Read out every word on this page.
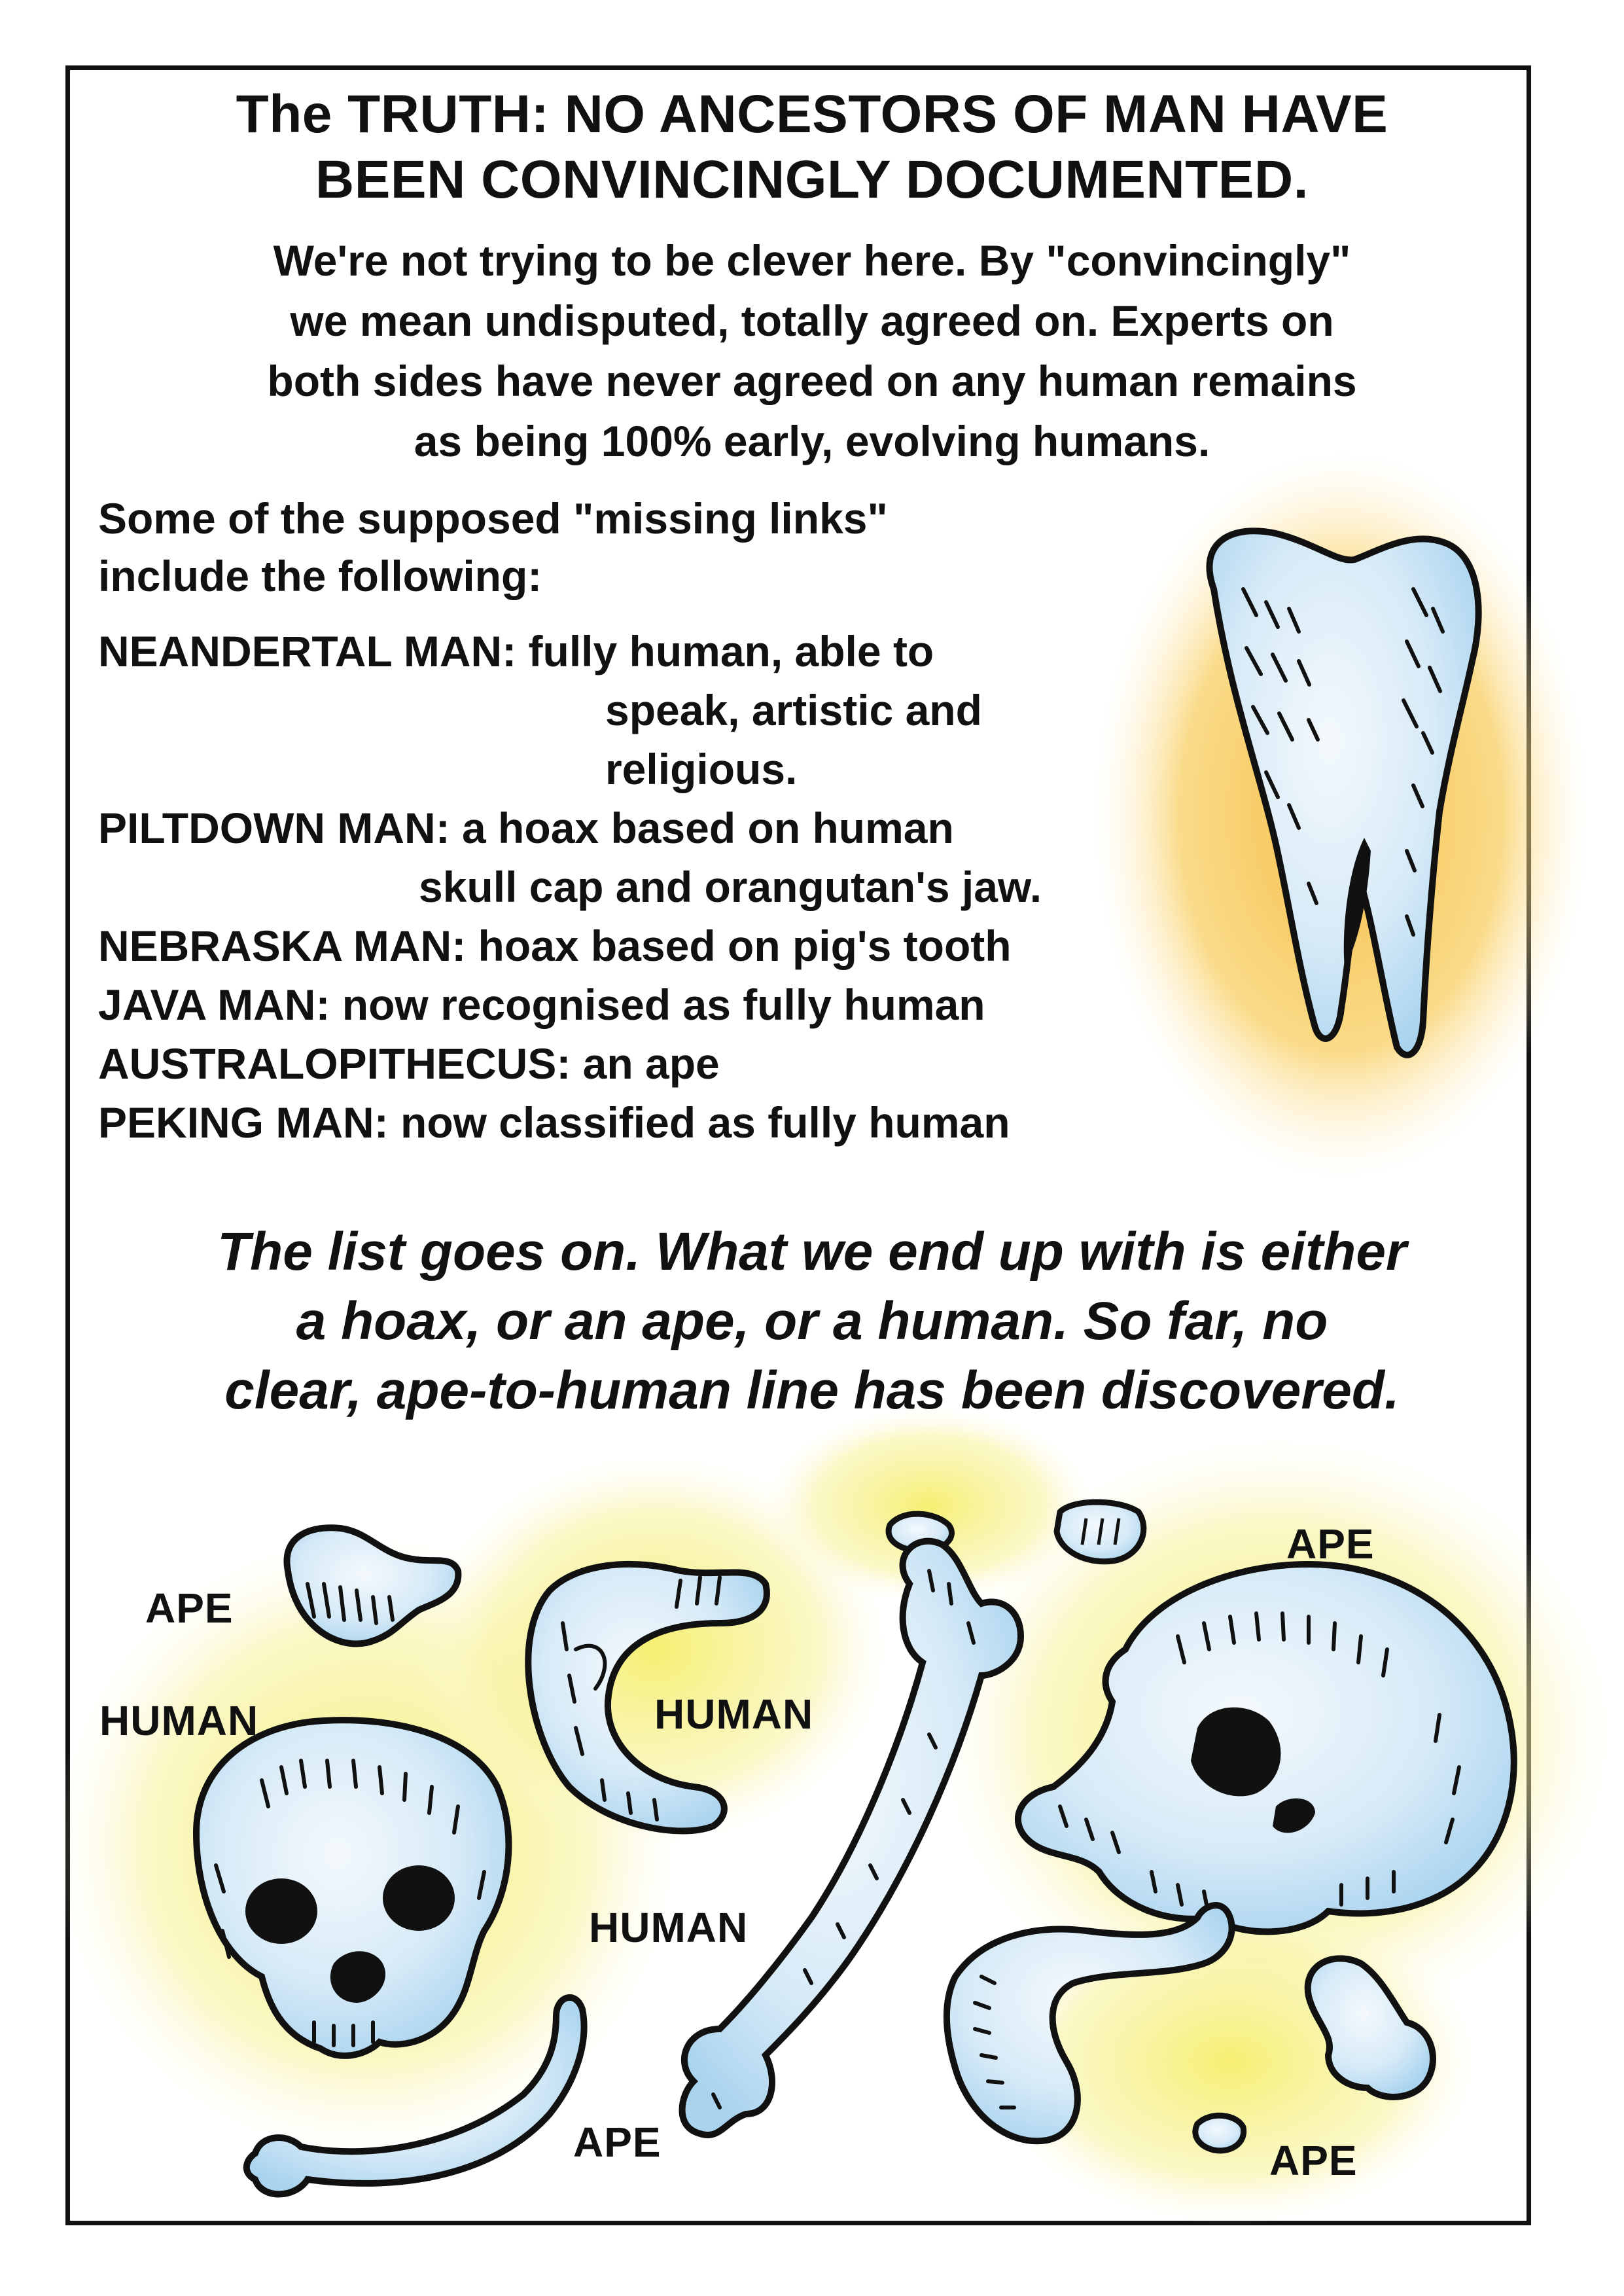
The TRUTH: NO ANCESTORS OF MAN HAVE
BEEN CONVINCINGLY DOCUMENTED.
We're not trying to be clever here. By "convincingly"
we mean undisputed, totally agreed on. Experts on
both sides have never agreed on any human remains
as being 100% early, evolving humans.
Some of the supposed "missing links"
include the following:
NEANDERTAL MAN: fully human, able to
speak, artistic and
religious.
PILTDOWN MAN: a hoax based on human
skull cap and orangutan's jaw.
NEBRASKA MAN: hoax based on pig's tooth
JAVA MAN: now recognised as fully human
AUSTRALOPITHECUS: an ape
PEKING MAN: now classified as fully human
The list goes on. What we end up with is either
a hoax, or an ape, or a human. So far, no
clear, ape-to-human line has been discovered.
APE
HUMAN	HUMAN
HUMAN
APE
APE	APE
